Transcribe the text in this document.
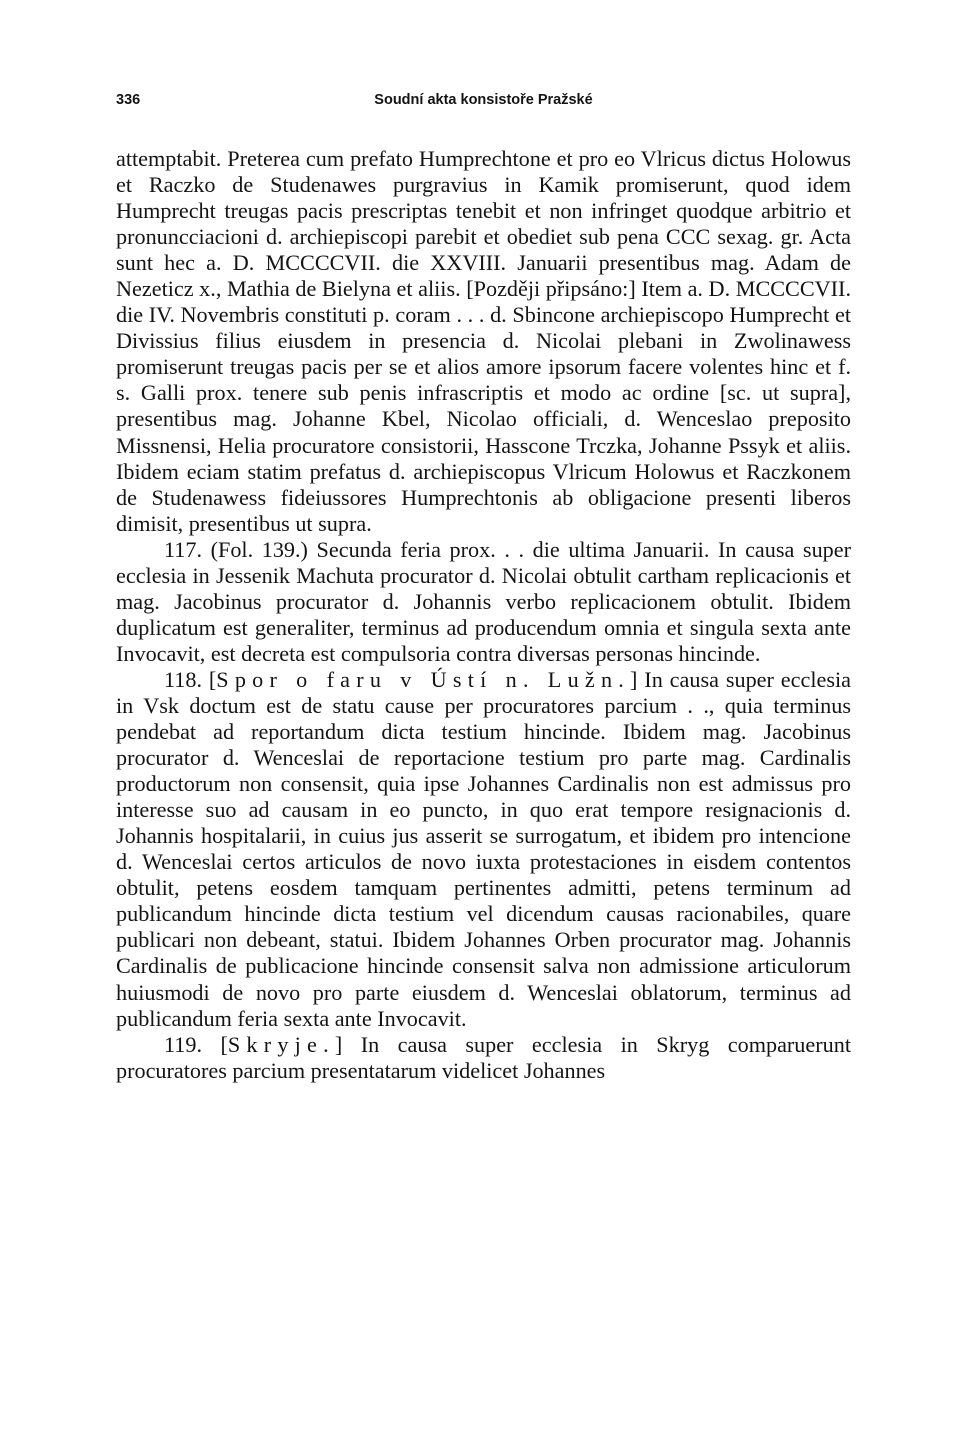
336	Soudní akta konsistoře Pražské

attemptabit. Preterea cum prefato Humprechtone et pro eo Vlricus dictus Holowus et Raczko de Studenawes purgravius in Kamik promiserunt, quod idem Humprecht treugas pacis prescriptas tenebit et non infringet quodque arbitrio et pronuncciacioni d. archiepiscopi parebit et obediet sub pena CCC sexag. gr. Acta sunt hec a. D. MCCCCVII. die XXVIII. Januarii presentibus mag. Adam de Nezeticz x., Mathia de Bielyna et aliis. [Později připsáno:] Item a. D. MCCCCVII. die IV. Novembris constituti p. coram . . . d. Sbincone archiepiscopo Humprecht et Divissius filius eiusdem in presencia d. Nicolai plebani in Zwolinawess promiserunt treugas pacis per se et alios amore ipsorum facere volentes hinc et f. s. Galli prox. tenere sub penis infrascriptis et modo ac ordine [sc. ut supra], presentibus mag. Johanne Kbel, Nicolao officiali, d. Wenceslao preposito Missnensi, Helia procuratore consistorii, Hasscone Trczka, Johanne Pssyk et aliis. Ibidem eciam statim prefatus d. archiepiscopus Vlricum Holowus et Raczkonem de Studenawess fideiussores Humprechtonis ab obligacione presenti liberos dimisit, presentibus ut supra.

117. (Fol. 139.) Secunda feria prox. . . die ultima Januarii. In causa super ecclesia in Jessenik Machuta procurator d. Nicolai obtulit cartham replicacionis et mag. Jacobinus procurator d. Johannis verbo replicacionem obtulit. Ibidem duplicatum est generaliter, terminus ad producendum omnia et singula sexta ante Invocavit, est decreta est compulsoria contra diversas personas hincinde.

118. [Spor o faru v Ústí n. Lužn.] In causa super ecclesia in Vsk doctum est de statu cause per procuratores parcium . ., quia terminus pendebat ad reportandum dicta testium hincinde. Ibidem mag. Jacobinus procurator d. Wenceslai de reportacione testium pro parte mag. Cardinalis productorum non consensit, quia ipse Johannes Cardinalis non est admissus pro interesse suo ad causam in eo puncto, in quo erat tempore resignacionis d. Johannis hospitalarii, in cuius jus asserit se surrogatum, et ibidem pro intencione d. Wenceslai certos articulos de novo iuxta protestaciones in eisdem contentos obtulit, petens eosdem tamquam pertinentes admitti, petens terminum ad publicandum hincinde dicta testium vel dicendum causas racionabiles, quare publicari non debeant, statui. Ibidem Johannes Orben procurator mag. Johannis Cardinalis de publicacione hincinde consensit salva non admissione articulorum huiusmodi de novo pro parte eiusdem d. Wenceslai oblatorum, terminus ad publicandum feria sexta ante Invocavit.

119. [Skryje.] In causa super ecclesia in Skryg comparuerunt procuratores parcium presentatarum videlicet Johannes
